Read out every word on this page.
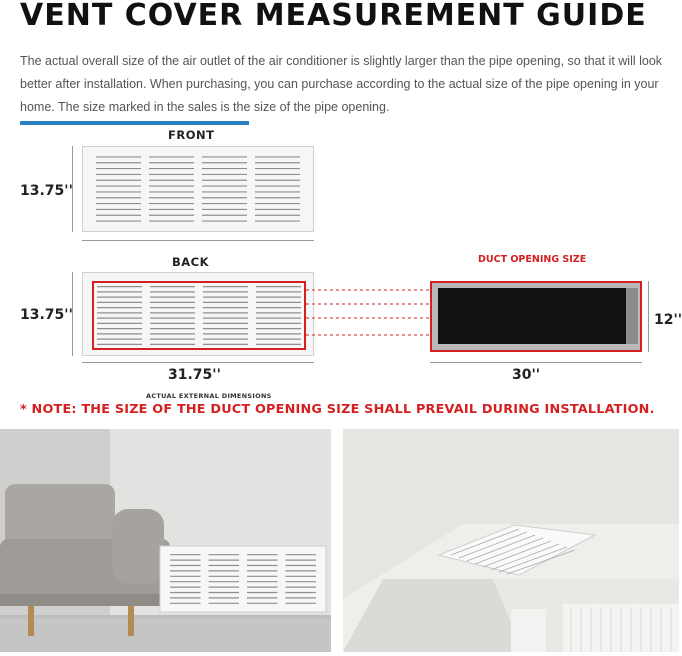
VENT COVER MEASUREMENT GUIDE
The actual overall size of the air outlet of the air conditioner is slightly larger than the pipe opening, so that it will look better after installation. When purchasing, you can purchase according to the actual size of the pipe opening in your home. The size marked in the sales is the size of the pipe opening.
FRONT
13.75''
BACK
13.75''
31.75''
ACTUAL EXTERNAL DIMENSIONS
DUCT OPENING SIZE
12''
30''
* NOTE: THE SIZE OF THE DUCT OPENING SIZE SHALL PREVAIL DURING INSTALLATION.
